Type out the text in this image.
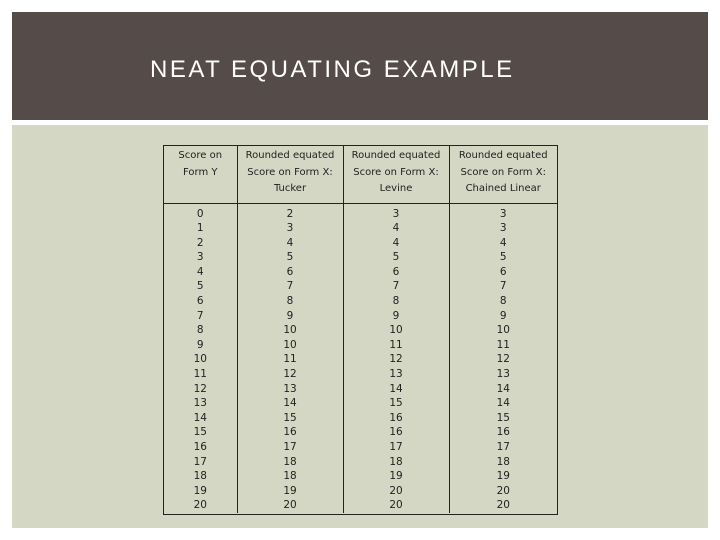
NEAT EQUATING EXAMPLE
Score on Form Y	Rounded equated Score on Form X: Tucker	Rounded equated Score on Form X: Levine	Rounded equated Score on Form X: Chained Linear
0	2	3	3
1	3	4	3
2	4	4	4
3	5	5	5
4	6	6	6
5	7	7	7
6	8	8	8
7	9	9	9
8	10	10	10
9	10	11	11
10	11	12	12
11	12	13	13
12	13	14	14
13	14	15	14
14	15	16	15
15	16	16	16
16	17	17	17
17	18	18	18
18	18	19	19
19	19	20	20
20	20	20	20
